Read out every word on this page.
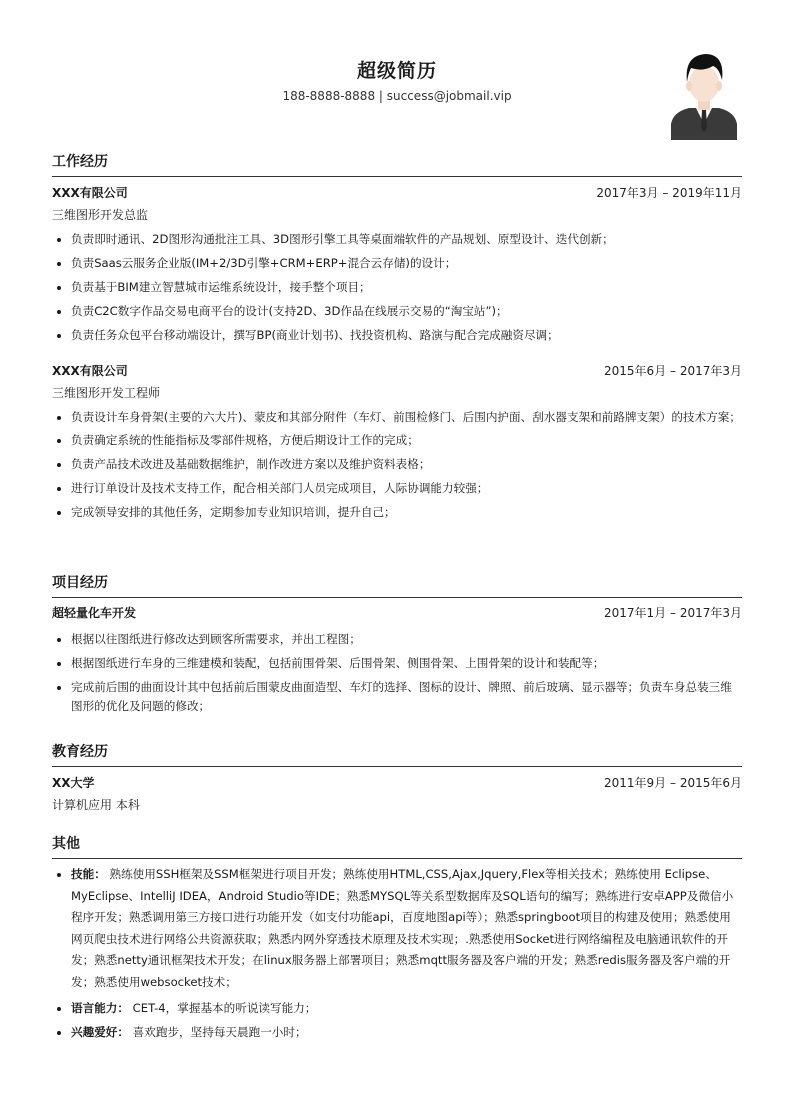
超级简历
188-8888-8888 | success@jobmail.vip
工作经历
XXX有限公司	2017年3月 – 2019年11月
三维图形开发总监
• 负责即时通讯、2D图形沟通批注工具、3D图形引擎工具等桌面端软件的产品规划、原型设计、迭代创新；
• 负责Saas云服务企业版(IM+2/3D引擎+CRM+ERP+混合云存储)的设计；
• 负责基于BIM建立智慧城市运维系统设计，接手整个项目；
• 负责C2C数字作品交易电商平台的设计(支持2D、3D作品在线展示交易的“淘宝站”)；
• 负责任务众包平台移动端设计，撰写BP(商业计划书)、找投资机构、路演与配合完成融资尽调；
XXX有限公司	2015年6月 – 2017年3月
三维图形开发工程师
• 负责设计车身骨架(主要的六大片)、蒙皮和其部分附件（车灯、前围检修门、后围内护面、刮水器支架和前路牌支架）的技术方案；
• 负责确定系统的性能指标及零部件规格，方便后期设计工作的完成；
• 负责产品技术改进及基础数据维护，制作改进方案以及维护资料表格；
• 进行订单设计及技术支持工作，配合相关部门人员完成项目，人际协调能力较强；
• 完成领导安排的其他任务，定期参加专业知识培训，提升自己；
项目经历
超轻量化车开发	2017年1月 – 2017年3月
• 根据以往图纸进行修改达到顾客所需要求，并出工程图；
• 根据图纸进行车身的三维建模和装配，包括前围骨架、后围骨架、侧围骨架、上围骨架的设计和装配等；
• 完成前后围的曲面设计其中包括前后围蒙皮曲面造型、车灯的选择、图标的设计、牌照、前后玻璃、显示器等；负责车身总装三维图形的优化及问题的修改；
教育经历
XX大学	2011年9月 – 2015年6月
计算机应用 本科
其他
• 技能： 熟练使用SSH框架及SSM框架进行项目开发；熟练使用HTML,CSS,Ajax,Jquery,Flex等相关技术；熟练使用 Eclipse、MyEclipse、IntelliJ IDEA，Android Studio等IDE；熟悉MYSQL等关系型数据库及SQL语句的编写；熟练进行安卓APP及微信小程序开发；熟悉调用第三方接口进行功能开发（如支付功能api，百度地图api等）；熟悉springboot项目的构建及使用；熟悉使用网页爬虫技术进行网络公共资源获取；熟悉内网外穿透技术原理及技术实现；.熟悉使用Socket进行网络编程及电脑通讯软件的开发；熟悉netty通讯框架技术开发；在linux服务器上部署项目；熟悉mqtt服务器及客户端的开发；熟悉redis服务器及客户端的开发；熟悉使用websocket技术；
• 语言能力： CET-4，掌握基本的听说读写能力；
• 兴趣爱好： 喜欢跑步，坚持每天晨跑一小时；
